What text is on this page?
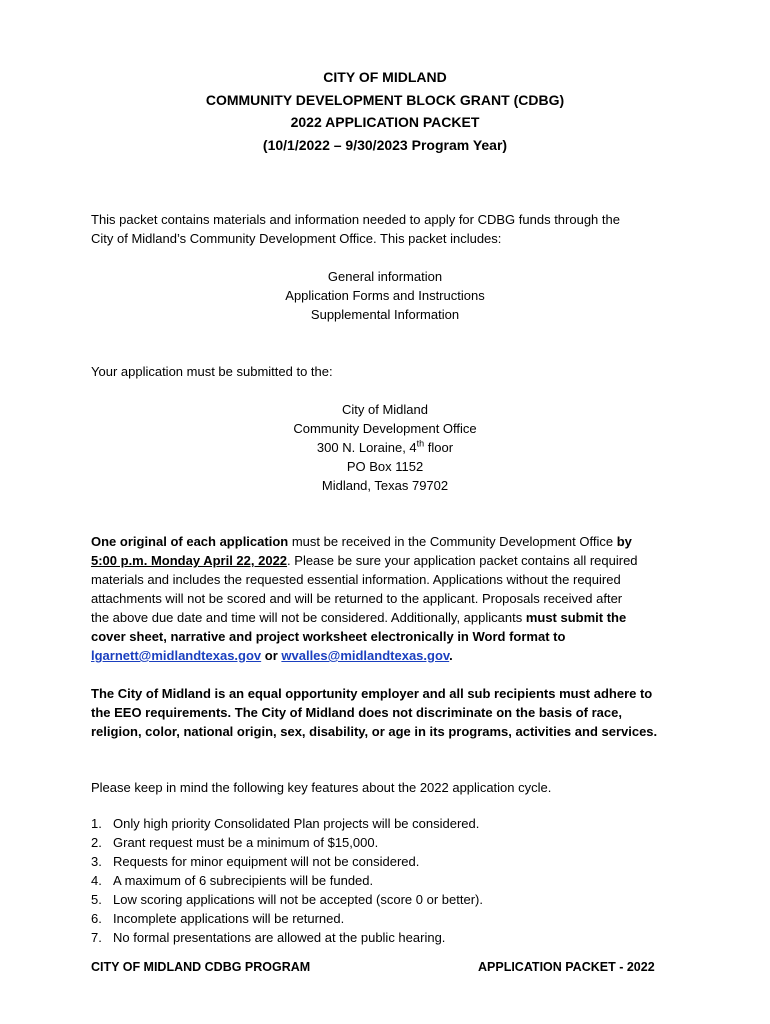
CITY OF MIDLAND
COMMUNITY DEVELOPMENT BLOCK GRANT (CDBG)
2022 APPLICATION PACKET
(10/1/2022 – 9/30/2023 Program Year)
This packet contains materials and information needed to apply for CDBG funds through the
City of Midland’s Community Development Office. This packet includes:
General information
Application Forms and Instructions
Supplemental Information
Your application must be submitted to the:
City of Midland
Community Development Office
300 N. Loraine, 4th floor
PO Box 1152
Midland, Texas 79702
One original of each application must be received in the Community Development Office by
5:00 p.m. Monday April 22, 2022. Please be sure your application packet contains all required
materials and includes the requested essential information. Applications without the required
attachments will not be scored and will be returned to the applicant. Proposals received after
the above due date and time will not be considered. Additionally, applicants must submit the
cover sheet, narrative and project worksheet electronically in Word format to
lgarnett@midlandtexas.gov or wvalles@midlandtexas.gov.
The City of Midland is an equal opportunity employer and all sub recipients must adhere to
the EEO requirements. The City of Midland does not discriminate on the basis of race,
religion, color, national origin, sex, disability, or age in its programs, activities and services.
Please keep in mind the following key features about the 2022 application cycle.
1. Only high priority Consolidated Plan projects will be considered.
2. Grant request must be a minimum of $15,000.
3. Requests for minor equipment will not be considered.
4. A maximum of 6 subrecipients will be funded.
5. Low scoring applications will not be accepted (score 0 or better).
6. Incomplete applications will be returned.
7. No formal presentations are allowed at the public hearing.
CITY OF MIDLAND CDBG PROGRAM	APPLICATION PACKET - 2022
